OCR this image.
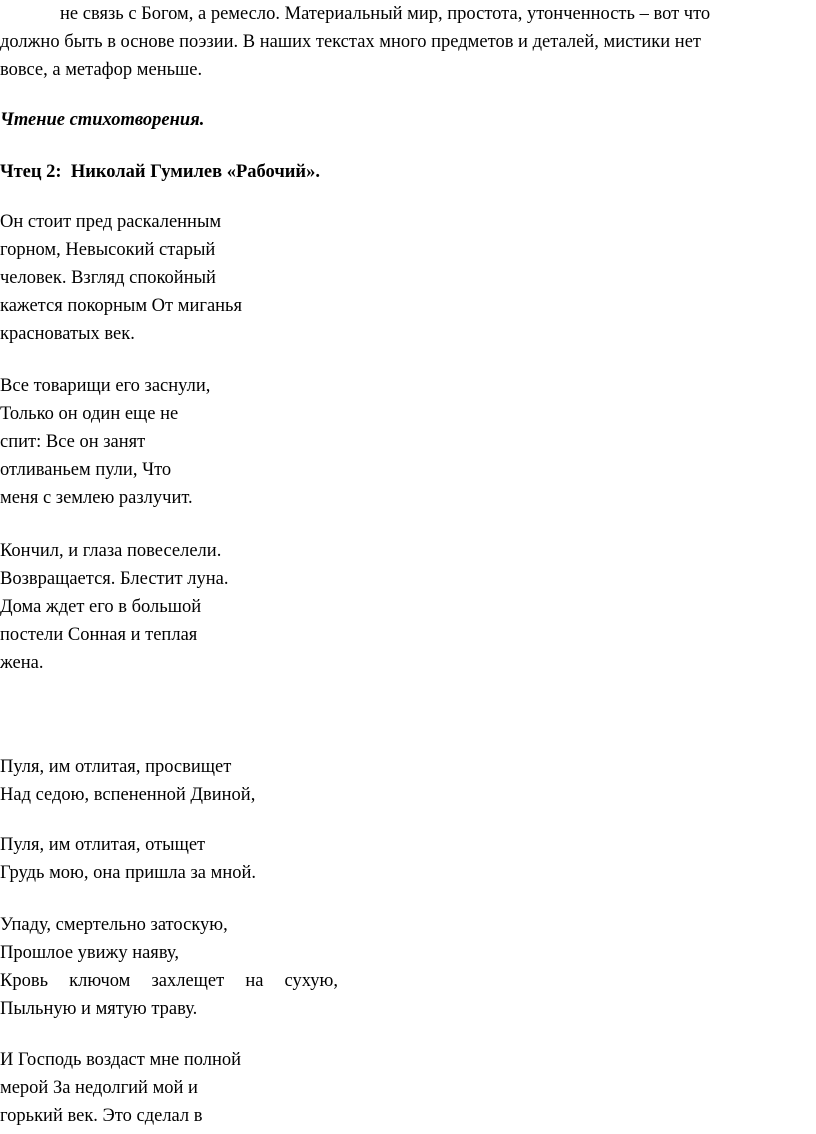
не связь с Богом, а ремесло. Материальный мир, простота, утонченность – вот что
должно быть в основе поэзии. В наших текстах много предметов и деталей, мистики нет
вовсе, а метафор меньше.
Чтение стихотворения.
Чтец 2:  Николай Гумилев «Рабочий».
Он стоит пред раскаленным
горном, Невысокий старый
человек. Взгляд спокойный
кажется покорным От миганья
красноватых век.
Все товарищи его заснули,
Только он один еще не
спит: Все он занят
отливаньем пули, Что
меня с землею разлучит.
Кончил, и глаза повеселели.
Возвращается. Блестит луна.
Дома ждет его в большой
постели Сонная и теплая
жена.
Пуля, им отлитая, просвищет
Над седою, вспененной Двиной,
Пуля, им отлитая, отыщет
Грудь мою, она пришла за мной.
Упаду, смертельно затоскую,
Прошлое увижу наяву,
Кровь ключом захлещет на сухую,
Пыльную и мятую траву.
И Господь воздаст мне полной
мерой За недолгий мой и
горький век. Это сделал в
